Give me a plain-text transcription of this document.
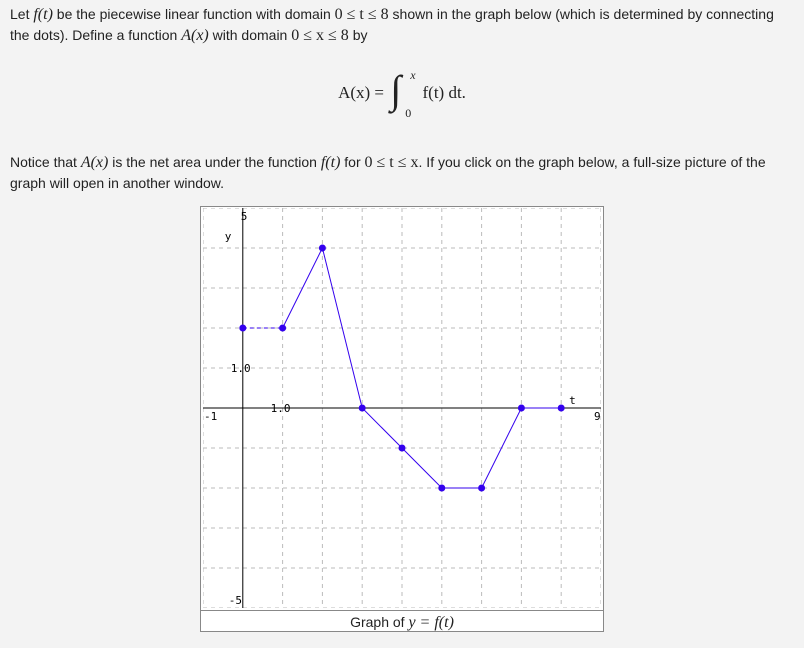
Let f(t) be the piecewise linear function with domain 0 ≤ t ≤ 8 shown in the graph below (which is determined by connecting the dots). Define a function A(x) with domain 0 ≤ x ≤ 8 by

A(x) = ∫ x
0
f(t) dt.

Notice that A(x) is the net area under the function f(t) for 0 ≤ t ≤ x. If you click on the graph below, a full-size picture of the graph will open in another window.

5
1.0
-5
-1
1.0
9
y
t
Graph of y = f(t)
